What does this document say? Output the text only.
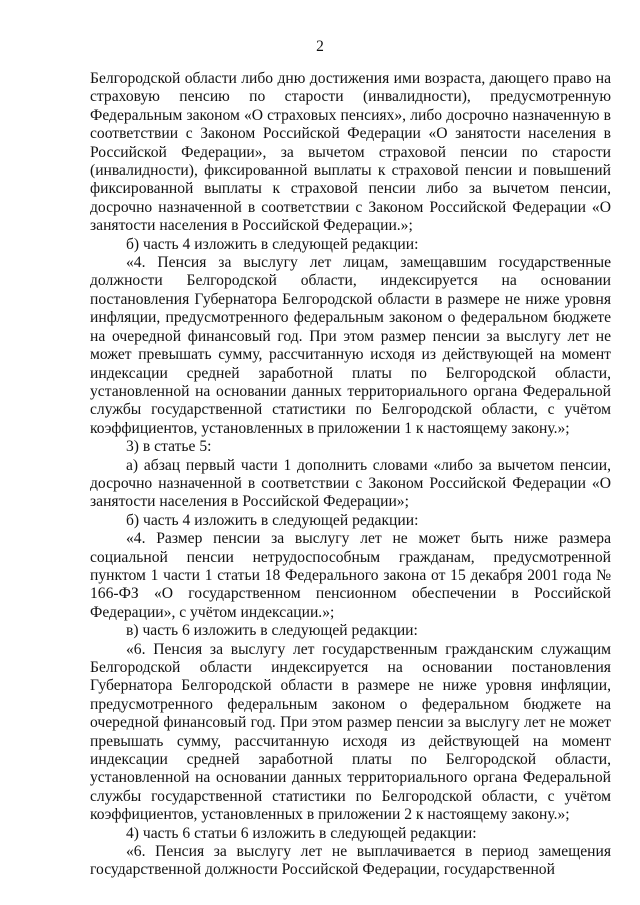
2

Белгородской области либо дню достижения ими возраста, дающего право на страховую пенсию по старости (инвалидности), предусмотренную Федеральным законом «О страховых пенсиях», либо досрочно назначенную в соответствии с Законом Российской Федерации «О занятости населения в Российской Федерации», за вычетом страховой пенсии по старости (инвалидности), фиксированной выплаты к страховой пенсии и повышений фиксированной выплаты к страховой пенсии либо за вычетом пенсии, досрочно назначенной в соответствии с Законом Российской Федерации «О занятости населения в Российской Федерации.»;

б) часть 4 изложить в следующей редакции:

«4. Пенсия за выслугу лет лицам, замещавшим государственные должности Белгородской области, индексируется на основании постановления Губернатора Белгородской области в размере не ниже уровня инфляции, предусмотренного федеральным законом о федеральном бюджете на очередной финансовый год. При этом размер пенсии за выслугу лет не может превышать сумму, рассчитанную исходя из действующей на момент индексации средней заработной платы по Белгородской области, установленной на основании данных территориального органа Федеральной службы государственной статистики по Белгородской области, с учётом коэффициентов, установленных в приложении 1 к настоящему закону.»;

3) в статье 5:

а) абзац первый части 1 дополнить словами «либо за вычетом пенсии, досрочно назначенной в соответствии с Законом Российской Федерации «О занятости населения в Российской Федерации»;

б) часть 4 изложить в следующей редакции:

«4. Размер пенсии за выслугу лет не может быть ниже размера социальной пенсии нетрудоспособным гражданам, предусмотренной пунктом 1 части 1 статьи 18 Федерального закона от 15 декабря 2001 года № 166-ФЗ «О государственном пенсионном обеспечении в Российской Федерации», с учётом индексации.»;

в) часть 6 изложить в следующей редакции:

«6. Пенсия за выслугу лет государственным гражданским служащим Белгородской области индексируется на основании постановления Губернатора Белгородской области в размере не ниже уровня инфляции, предусмотренного федеральным законом о федеральном бюджете на очередной финансовый год. При этом размер пенсии за выслугу лет не может превышать сумму, рассчитанную исходя из действующей на момент индексации средней заработной платы по Белгородской области, установленной на основании данных территориального органа Федеральной службы государственной статистики по Белгородской области, с учётом коэффициентов, установленных в приложении 2 к настоящему закону.»;

4) часть 6 статьи 6 изложить в следующей редакции:

«6. Пенсия за выслугу лет не выплачивается в период замещения государственной должности Российской Федерации, государственной
